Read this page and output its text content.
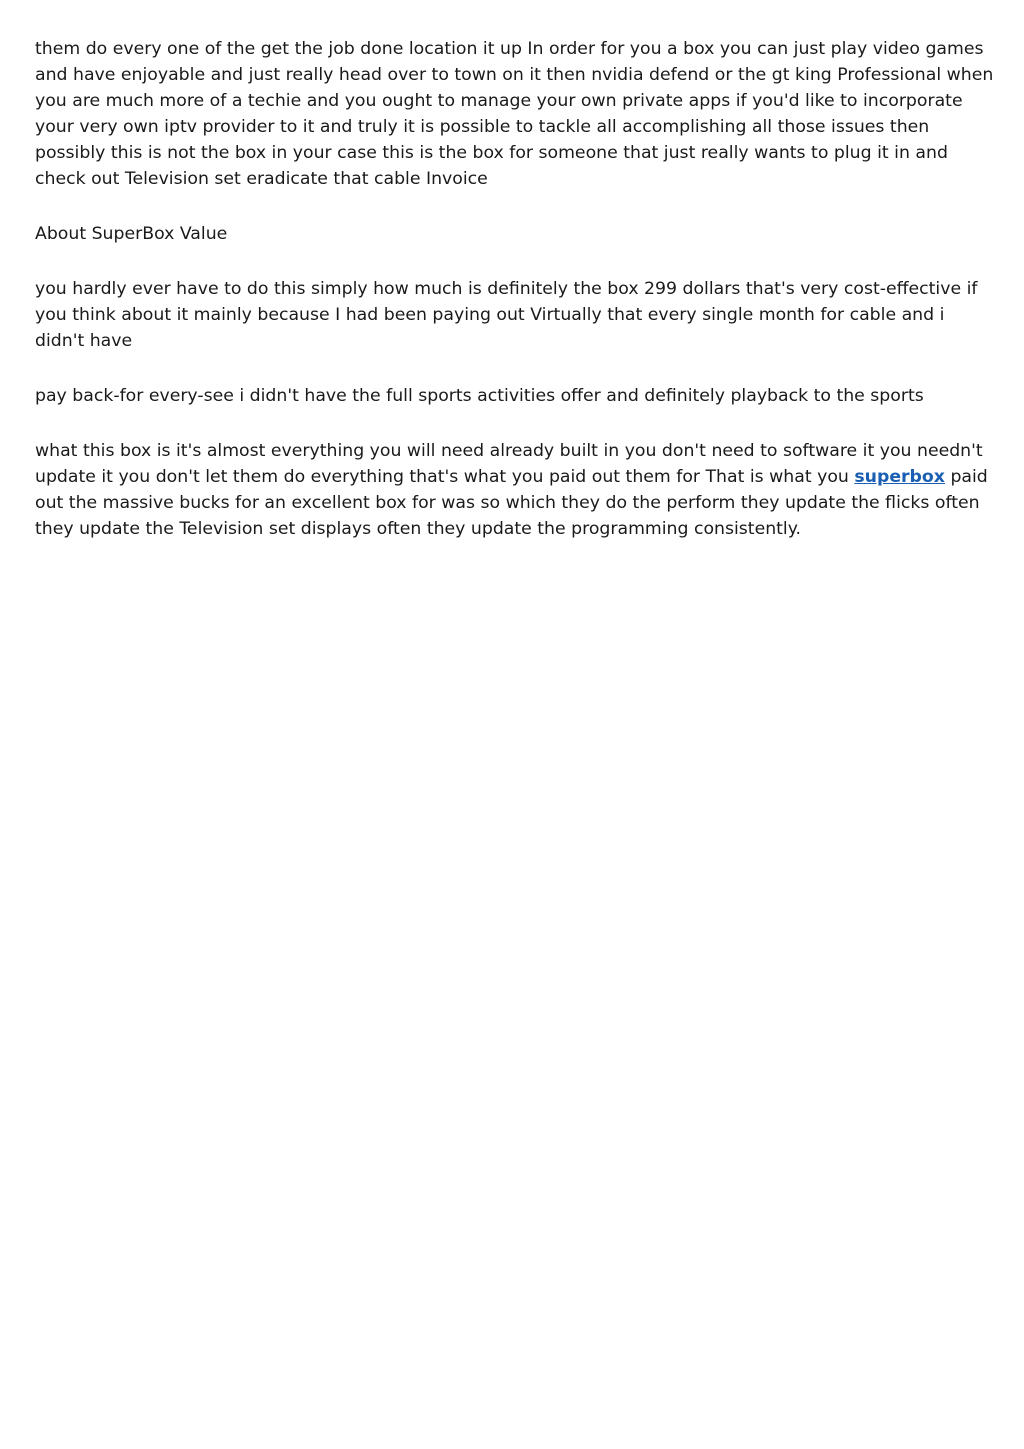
them do every one of the get the job done location it up In order for you a box you can just play video games and have enjoyable and just really head over to town on it then nvidia defend or the gt king Professional when you are much more of a techie and you ought to manage your own private apps if you'd like to incorporate your very own iptv provider to it and truly it is possible to tackle all accomplishing all those issues then possibly this is not the box in your case this is the box for someone that just really wants to plug it in and check out Television set eradicate that cable Invoice

About SuperBox Value

you hardly ever have to do this simply how much is definitely the box 299 dollars that's very cost-effective if you think about it mainly because I had been paying out Virtually that every single month for cable and i didn't have

pay back-for every-see i didn't have the full sports activities offer and definitely playback to the sports

what this box is it's almost everything you will need already built in you don't need to software it you needn't update it you don't let them do everything that's what you paid out them for That is what you superbox paid out the massive bucks for an excellent box for was so which they do the perform they update the flicks often they update the Television set displays often they update the programming consistently.
